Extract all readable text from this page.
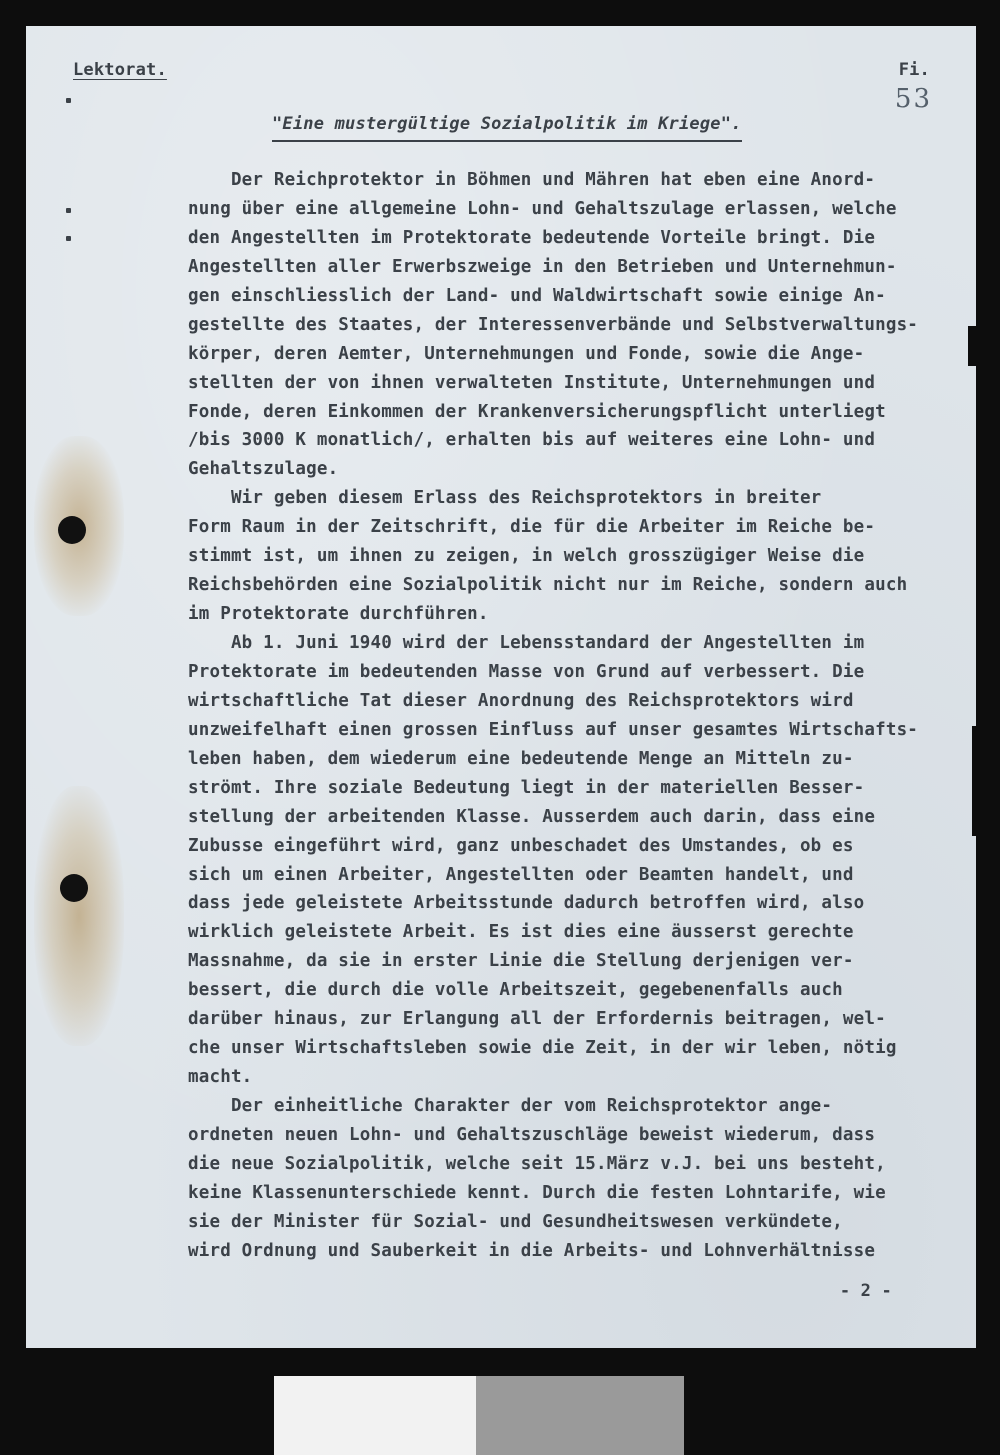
Lektorat.	Fi.
53
"Eine mustergültige Sozialpolitik im Kriege".
Der Reichprotektor in Böhmen und Mähren hat eben eine Anord-
nung über eine allgemeine Lohn- und Gehaltszulage erlassen, welche
den Angestellten im Protektorate bedeutende Vorteile bringt. Die
Angestellten aller Erwerbszweige in den Betrieben und Unternehmun-
gen einschliesslich der Land- und Waldwirtschaft sowie einige An-
gestellte des Staates, der Interessenverbände und Selbstverwaltungs-
körper, deren Aemter, Unternehmungen und Fonde, sowie die Ange-
stellten der von ihnen verwalteten Institute, Unternehmungen und
Fonde, deren Einkommen der Krankenversicherungspflicht unterliegt
/bis 3000 K monatlich/, erhalten bis auf weiteres eine Lohn- und
Gehaltszulage.
Wir geben diesem Erlass des Reichsprotektors in breiter
Form Raum in der Zeitschrift, die für die Arbeiter im Reiche be-
stimmt ist, um ihnen zu zeigen, in welch grosszügiger Weise die
Reichsbehörden eine Sozialpolitik nicht nur im Reiche, sondern auch
im Protektorate durchführen.
Ab 1. Juni 1940 wird der Lebensstandard der Angestellten im
Protektorate im bedeutenden Masse von Grund auf verbessert. Die
wirtschaftliche Tat dieser Anordnung des Reichsprotektors wird
unzweifelhaft einen grossen Einfluss auf unser gesamtes Wirtschafts-
leben haben, dem wiederum eine bedeutende Menge an Mitteln zu-
strömt. Ihre soziale Bedeutung liegt in der materiellen Besser-
stellung der arbeitenden Klasse. Ausserdem auch darin, dass eine
Zubusse eingeführt wird, ganz unbeschadet des Umstandes, ob es
sich um einen Arbeiter, Angestellten oder Beamten handelt, und
dass jede geleistete Arbeitsstunde dadurch betroffen wird, also
wirklich geleistete Arbeit. Es ist dies eine äusserst gerechte
Massnahme, da sie in erster Linie die Stellung derjenigen ver-
bessert, die durch die volle Arbeitszeit, gegebenenfalls auch
darüber hinaus, zur Erlangung all der Erfordernis beitragen, wel-
che unser Wirtschaftsleben sowie die Zeit, in der wir leben, nötig
macht.
Der einheitliche Charakter der vom Reichsprotektor ange-
ordneten neuen Lohn- und Gehaltszuschläge beweist wiederum, dass
die neue Sozialpolitik, welche seit 15.März v.J. bei uns besteht,
keine Klassenunterschiede kennt. Durch die festen Lohntarife, wie
sie der Minister für Sozial- und Gesundheitswesen verkündete,
wird Ordnung und Sauberkeit in die Arbeits- und Lohnverhältnisse
- 2 -
